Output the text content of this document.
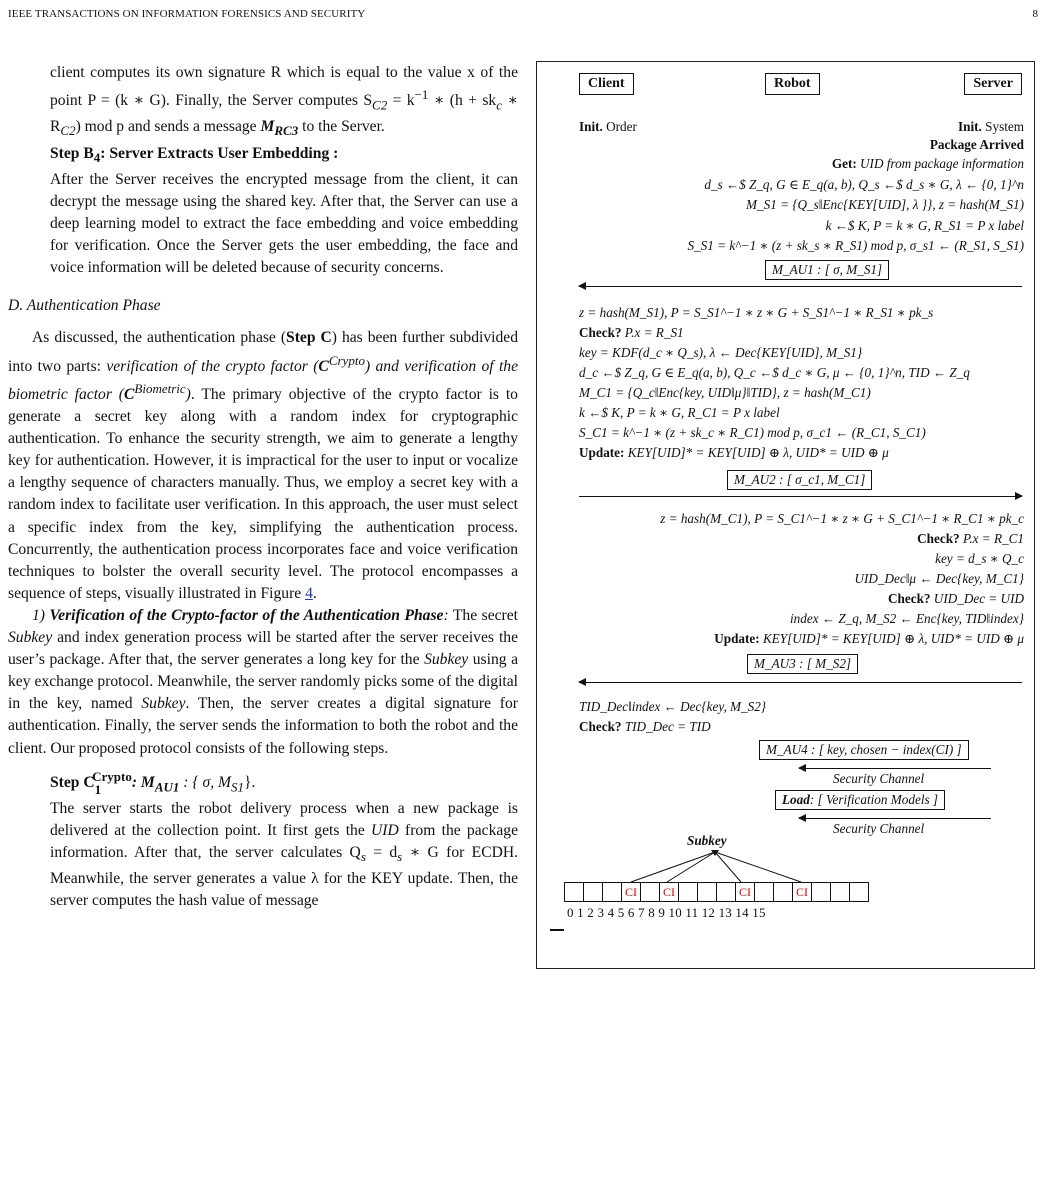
IEEE TRANSACTIONS ON INFORMATION FORENSICS AND SECURITY	8

client computes its own signature R which is equal to the value x of the point P = (k ∗ G). Finally, the Server computes $S_{C2} = k^{-1}$ ∗ ($h + sk_c$ ∗ $R_{C2}$) mod p and sends a message $M_{RC3}$ to the Server.

Step $B_4$: Server Extracts User Embedding :

After the Server receives the encrypted message from the client, it can decrypt the message using the shared key. After that, the Server can use a deep learning model to extract the face embedding and voice embedding for verification. Once the Server gets the user embedding, the face and voice information will be deleted because of security concerns.

D. Authentication Phase

As discussed, the authentication phase (Step C) has been further subdivided into two parts: verification of the crypto factor $(C^{Crypto})$ and verification of the biometric factor $(C^{Biometric})$. The primary objective of the crypto factor is to generate a secret key along with a random index for cryptographic authentication. To enhance the security strength, we aim to generate a lengthy key for authentication. However, it is impractical for the user to input or vocalize a lengthy sequence of characters manually. Thus, we employ a secret key with a random index to facilitate user verification. In this approach, the user must select a specific index from the key, simplifying the authentication process. Concurrently, the authentication process incorporates face and voice verification techniques to bolster the overall security level. The protocol encompasses a sequence of steps, visually illustrated in Figure 4.

1) Verification of the Crypto-factor of the Authentication Phase: The secret Subkey and index generation process will be started after the server receives the user’s package. After that, the server generates a long key for the Subkey using a key exchange protocol. Meanwhile, the server randomly picks some of the digital in the key, named Subkey. Then, the server creates a digital signature for authentication. Finally, the server sends the information to both the robot and the client. Our proposed protocol consists of the following steps.

Step $C_1^{Crypto}$: $M_{AU1}$ : { σ, $M_{S1}$}.

The server starts the robot delivery process when a new package is delivered at the collection point. It first gets the UID from the package information. After that, the server calculates $Q_s = d_s$ ∗ G for ECDH. Meanwhile, the server generates a value λ for the KEY update. Then, the server computes the hash value of message

Client	Robot	Server
Init. Order	Init. System
Package Arrived
Get: UID from package information
d_s ←$ Z_q, G ∈ E_q(a, b), Q_s ←$ d_s ∗ G, λ ← {0, 1}^n
M_S1 = {Q_s‖Enc{KEY[UID], λ }}, z = hash(M_S1)
k ←$ K, P = k ∗ G, R_S1 = P x label
S_S1 = k^−1 ∗ (z + sk_s ∗ R_S1) mod p, σ_s1 ← (R_S1, S_S1)
M_AU1 : [ σ, M_S1]
z = hash(M_S1), P = S_S1^−1 ∗ z ∗ G + S_S1^−1 ∗ R_S1 ∗ pk_s
Check? P.x = R_S1
key = KDF(d_c ∗ Q_s), λ ← Dec{KEY[UID], M_S1}
d_c ←$ Z_q, G ∈ E_q(a, b), Q_c ←$ d_c ∗ G, μ ← {0, 1}^n, TID ← Z_q
M_C1 = {Q_c‖Enc{key, UID‖μ}‖TID}, z = hash(M_C1)
k ←$ K, P = k ∗ G, R_C1 = P x label
S_C1 = k^−1 ∗ (z + sk_c ∗ R_C1) mod p, σ_c1 ← (R_C1, S_C1)
Update: KEY[UID]* = KEY[UID] ⊕ λ, UID* = UID ⊕ μ
M_AU2 : [ σ_c1, M_C1]
z = hash(M_C1), P = S_C1^−1 ∗ z ∗ G + S_C1^−1 ∗ R_C1 ∗ pk_c
Check? P.x = R_C1
key = d_s ∗ Q_c
UID_Dec‖μ ← Dec{key, M_C1}
Check? UID_Dec = UID
index ← Z_q, M_S2 ← Enc{key, TID‖index}
Update: KEY[UID]* = KEY[UID] ⊕ λ, UID* = UID ⊕ μ
M_AU3 : [ M_S2]
TID_Dec‖index ← Dec{key, M_S2}
Check? TID_Dec = TID
M_AU4 : [ key, chosen − index(CI) ]
Security Channel
Load: [ Verification Models ]
Security Channel
Subkey
CI	CI	CI	CI
0 1 2 3 4 5 6 7 8 9 10 11 12 13 14 15
